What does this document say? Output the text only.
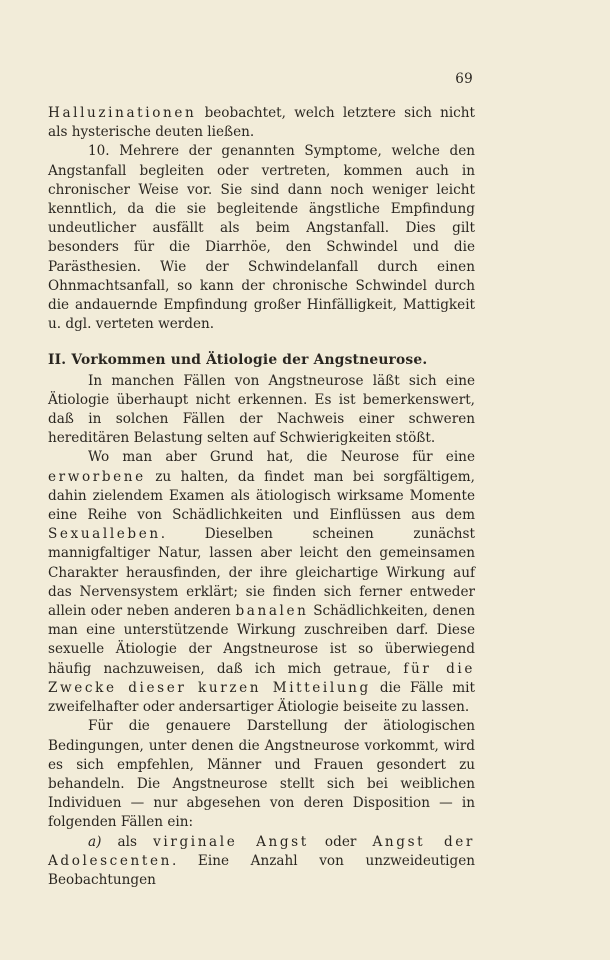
69

Halluzinationen beobachtet, welch letztere sich nicht als hysterische deuten ließen.

10. Mehrere der genannten Symptome, welche den Angstanfall begleiten oder vertreten, kommen auch in chronischer Weise vor. Sie sind dann noch weniger leicht kenntlich, da die sie begleitende ängstliche Empfindung undeutlicher ausfällt als beim Angstanfall. Dies gilt besonders für die Diarrhöe, den Schwindel und die Parästhesien. Wie der Schwindelanfall durch einen Ohnmachtsanfall, so kann der chronische Schwindel durch die andauernde Empfindung großer Hinfälligkeit, Mattigkeit u. dgl. verteten werden.

II. Vorkommen und Ätiologie der Angstneurose.

In manchen Fällen von Angstneurose läßt sich eine Ätiologie überhaupt nicht erkennen. Es ist bemerkenswert, daß in solchen Fällen der Nachweis einer schweren hereditären Belastung selten auf Schwierigkeiten stößt.

Wo man aber Grund hat, die Neurose für eine erworbene zu halten, da findet man bei sorgfältigem, dahin zielendem Examen als ätiologisch wirksame Momente eine Reihe von Schädlichkeiten und Einflüssen aus dem Sexualleben. Dieselben scheinen zunächst mannigfaltiger Natur, lassen aber leicht den gemeinsamen Charakter herausfinden, der ihre gleichartige Wirkung auf das Nervensystem erklärt; sie finden sich ferner entweder allein oder neben anderen banalen Schädlichkeiten, denen man eine unterstützende Wirkung zuschreiben darf. Diese sexuelle Ätiologie der Angstneurose ist so überwiegend häufig nachzuweisen, daß ich mich getraue, für die Zwecke dieser kurzen Mitteilung die Fälle mit zweifelhafter oder andersartiger Ätiologie beiseite zu lassen.

Für die genauere Darstellung der ätiologischen Bedingungen, unter denen die Angstneurose vorkommt, wird es sich empfehlen, Männer und Frauen gesondert zu behandeln. Die Angstneurose stellt sich bei weiblichen Individuen — nur abgesehen von deren Disposition — in folgenden Fällen ein:

a) als virginale Angst oder Angst der Adolescenten. Eine Anzahl von unzweideutigen Beobachtungen
